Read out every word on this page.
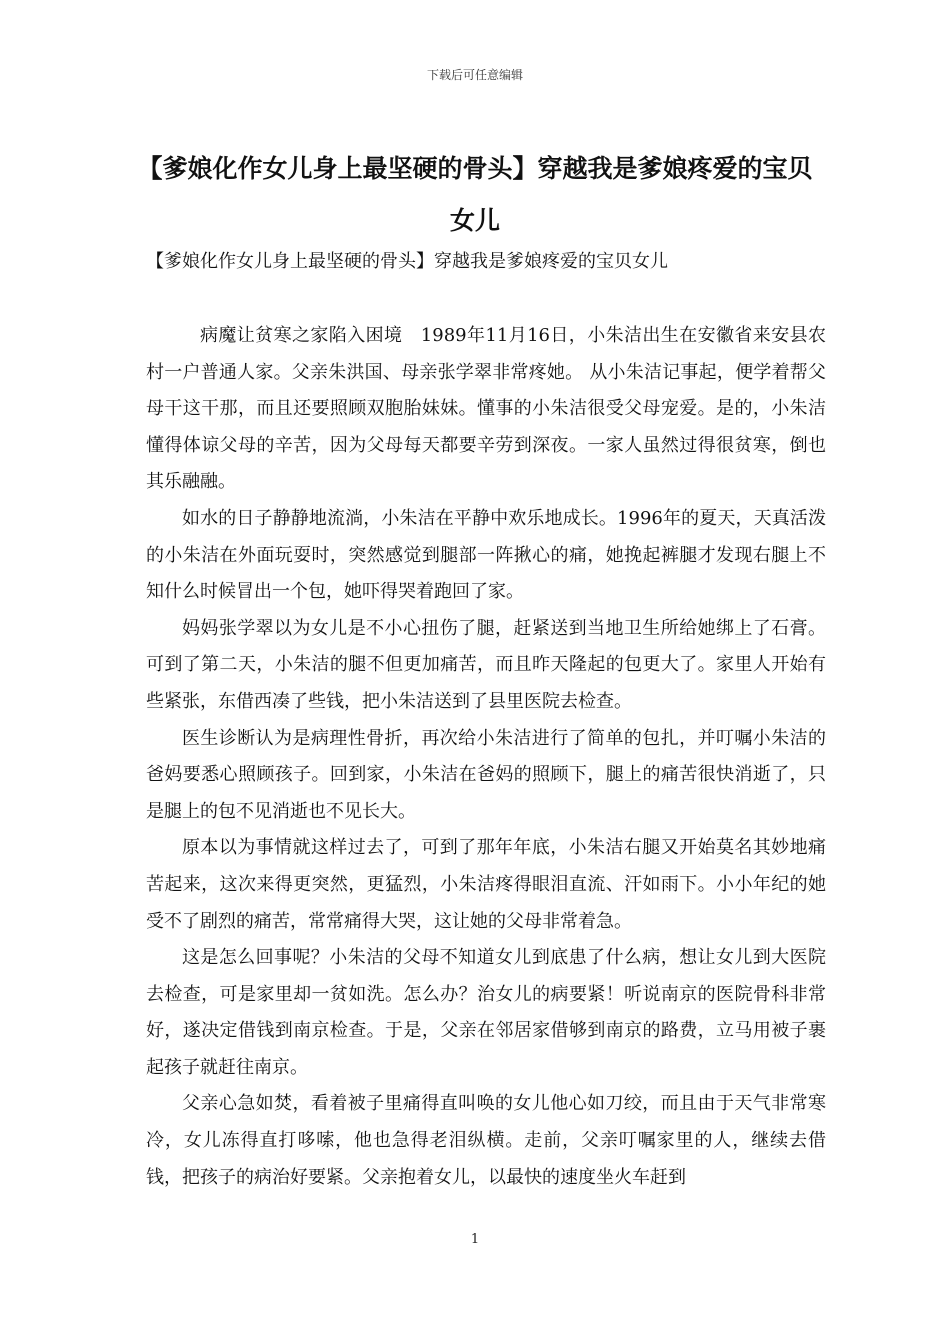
下载后可任意编辑
【爹娘化作女儿身上最坚硬的骨头】穿越我是爹娘疼爱的宝贝女儿
【爹娘化作女儿身上最坚硬的骨头】穿越我是爹娘疼爱的宝贝女儿

病魔让贫寒之家陷入困境　1989年11月16日，小朱洁出生在安徽省来安县农村一户普通人家。父亲朱洪国、母亲张学翠非常疼她。 从小朱洁记事起，便学着帮父母干这干那，而且还要照顾双胞胎妹妹。懂事的小朱洁很受父母宠爱。是的，小朱洁懂得体谅父母的辛苦，因为父母每天都要辛劳到深夜。一家人虽然过得很贫寒，倒也其乐融融。

如水的日子静静地流淌，小朱洁在平静中欢乐地成长。1996年的夏天，天真活泼的小朱洁在外面玩耍时，突然感觉到腿部一阵揪心的痛，她挽起裤腿才发现右腿上不知什么时候冒出一个包，她吓得哭着跑回了家。

妈妈张学翠以为女儿是不小心扭伤了腿，赶紧送到当地卫生所给她绑上了石膏。可到了第二天，小朱洁的腿不但更加痛苦，而且昨天隆起的包更大了。家里人开始有些紧张，东借西凑了些钱，把小朱洁送到了县里医院去检查。

医生诊断认为是病理性骨折，再次给小朱洁进行了简单的包扎，并叮嘱小朱洁的爸妈要悉心照顾孩子。回到家，小朱洁在爸妈的照顾下，腿上的痛苦很快消逝了，只是腿上的包不见消逝也不见长大。

原本以为事情就这样过去了，可到了那年年底，小朱洁右腿又开始莫名其妙地痛苦起来，这次来得更突然，更猛烈，小朱洁疼得眼泪直流、汗如雨下。小小年纪的她受不了剧烈的痛苦，常常痛得大哭，这让她的父母非常着急。

这是怎么回事呢？小朱洁的父母不知道女儿到底患了什么病，想让女儿到大医院去检查，可是家里却一贫如洗。怎么办？治女儿的病要紧！听说南京的医院骨科非常好，遂决定借钱到南京检查。于是，父亲在邻居家借够到南京的路费，立马用被子裹起孩子就赶往南京。

父亲心急如焚，看着被子里痛得直叫唤的女儿他心如刀绞，而且由于天气非常寒冷，女儿冻得直打哆嗦，他也急得老泪纵横。走前，父亲叮嘱家里的人，继续去借钱，把孩子的病治好要紧。父亲抱着女儿，以最快的速度坐火车赶到

1
